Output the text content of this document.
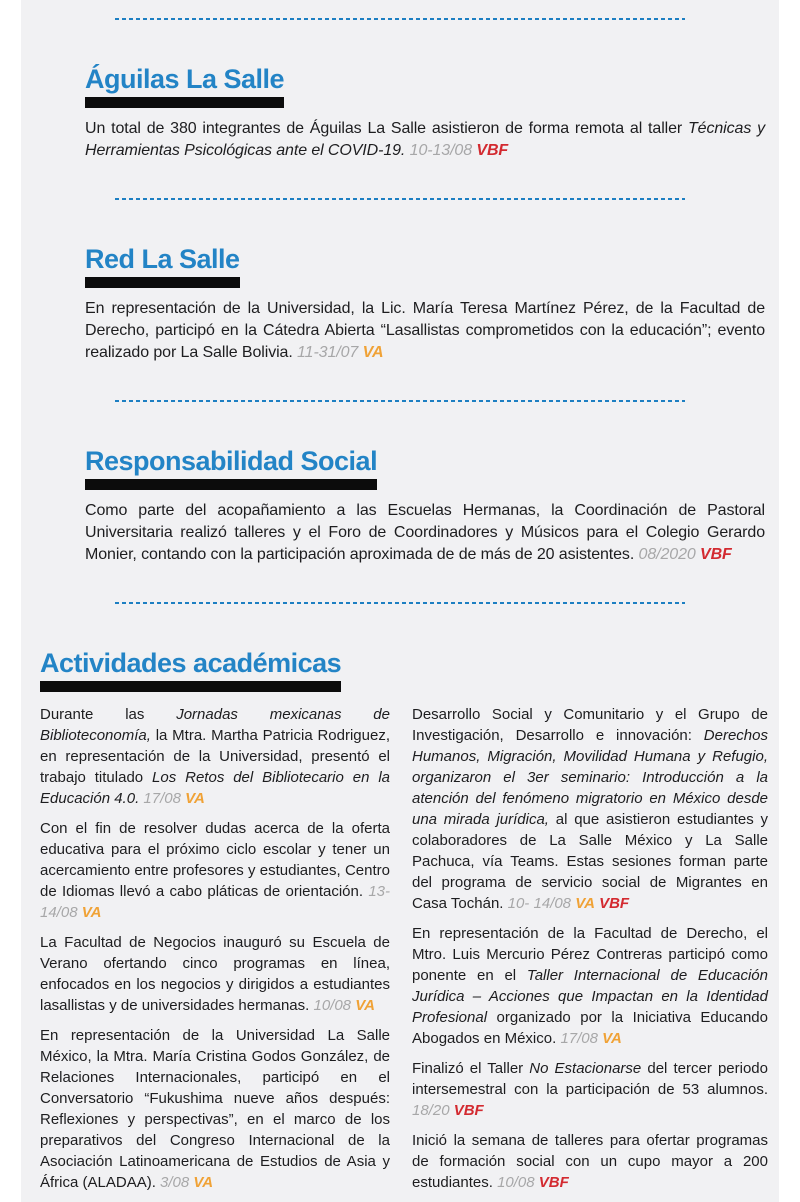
Águilas La Salle

Un total de 380 integrantes de Águilas La Salle asistieron de forma remota al taller Técnicas y Herramientas Psicológicas ante el COVID-19. 10-13/08 VBF

Red La Salle

En representación de la Universidad, la Lic. María Teresa Martínez Pérez, de la Facultad de Derecho, participó en la Cátedra Abierta “Lasallistas comprometidos con la educación”; evento realizado por La Salle Bolivia. 11-31/07 VA

Responsabilidad Social

Como parte del acopañamiento a las Escuelas Hermanas, la Coordinación de Pastoral Universitaria realizó talleres y el Foro de Coordinadores y Músicos para el Colegio Gerardo Monier, contando con la participación aproximada de de más de 20 asistentes. 08/2020 VBF

Actividades académicas

Durante las Jornadas mexicanas de Biblioteconomía, la Mtra. Martha Patricia Rodriguez, en representación de la Universidad, presentó el trabajo titulado Los Retos del Bibliotecario en la Educación 4.0. 17/08 VA

Con el fin de resolver dudas acerca de la oferta educativa para el próximo ciclo escolar y tener un acercamiento entre profesores y estudiantes, Centro de Idiomas llevó a cabo pláticas de orientación. 13-14/08 VA

La Facultad de Negocios inauguró su Escuela de Verano ofertando cinco programas en línea, enfocados en los negocios y dirigidos a estudiantes lasallistas y de universidades hermanas. 10/08 VA

En representación de la Universidad La Salle México, la Mtra. María Cristina Godos González, de Relaciones Internacionales, participó en el Conversatorio “Fukushima nueve años después: Reflexiones y perspectivas”, en el marco de los preparativos del Congreso Internacional de la Asociación Latinoamericana de Estudios de Asia y África (ALADAA). 3/08 VA

Desarrollo Social y Comunitario y el Grupo de Investigación, Desarrollo e innovación: Derechos Humanos, Migración, Movilidad Humana y Refugio, organizaron el 3er seminario: Introducción a la atención del fenómeno migratorio en México desde una mirada jurídica, al que asistieron estudiantes y colaboradores de La Salle México y La Salle Pachuca, vía Teams. Estas sesiones forman parte del programa de servicio social de Migrantes en Casa Tochán. 10- 14/08 VA VBF

En representación de la Facultad de Derecho, el Mtro. Luis Mercurio Pérez Contreras participó como ponente en el Taller Internacional de Educación Jurídica – Acciones que Impactan en la Identidad Profesional organizado por la Iniciativa Educando Abogados en México. 17/08 VA

Finalizó el Taller No Estacionarse del tercer periodo intersemestral con la participación de 53 alumnos. 18/20 VBF

Inició la semana de talleres para ofertar programas de formación social con un cupo mayor a 200 estudiantes. 10/08 VBF
